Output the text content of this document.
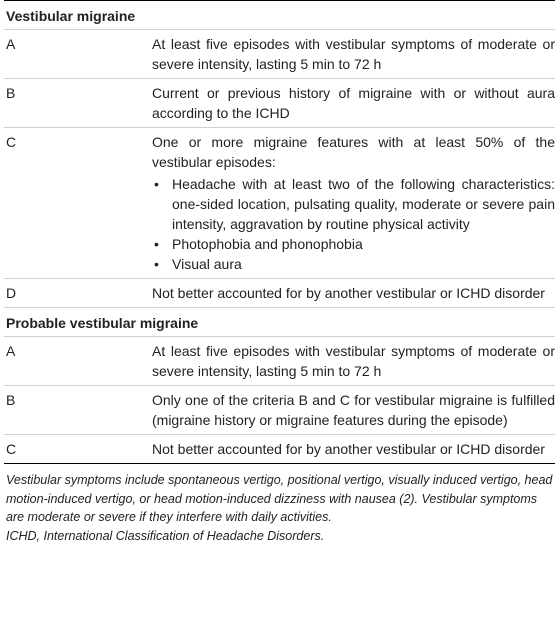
Vestibular migraine
A	At least five episodes with vestibular symptoms of moderate or severe intensity, lasting 5 min to 72 h
B	Current or previous history of migraine with or without aura according to the ICHD
C	One or more migraine features with at least 50% of the vestibular episodes:
• Headache with at least two of the following characteristics: one-sided location, pulsating quality, moderate or severe pain intensity, aggravation by routine physical activity
• Photophobia and phonophobia
• Visual aura
D	Not better accounted for by another vestibular or ICHD disorder
Probable vestibular migraine
A	At least five episodes with vestibular symptoms of moderate or severe intensity, lasting 5 min to 72 h
B	Only one of the criteria B and C for vestibular migraine is fulfilled (migraine history or migraine features during the episode)
C	Not better accounted for by another vestibular or ICHD disorder
Vestibular symptoms include spontaneous vertigo, positional vertigo, visually induced vertigo, head motion-induced vertigo, or head motion-induced dizziness with nausea (2). Vestibular symptoms are moderate or severe if they interfere with daily activities.
ICHD, International Classification of Headache Disorders.
